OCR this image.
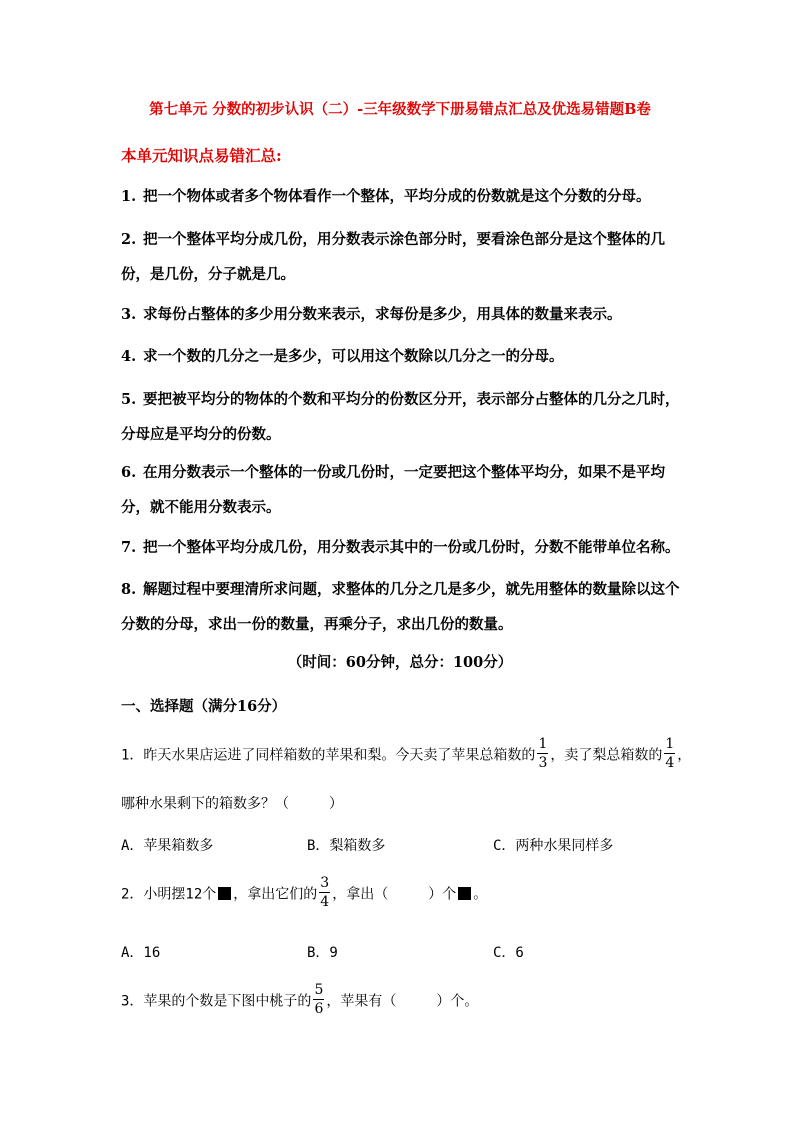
第七单元 分数的初步认识（二）-三年级数学下册易错点汇总及优选易错题B卷
本单元知识点易错汇总:
1. 把一个物体或者多个物体看作一个整体，平均分成的份数就是这个分数的分母。
2. 把一个整体平均分成几份，用分数表示涂色部分时，要看涂色部分是这个整体的几份，是几份，分子就是几。
3. 求每份占整体的多少用分数来表示，求每份是多少，用具体的数量来表示。
4. 求一个数的几分之一是多少，可以用这个数除以几分之一的分母。
5. 要把被平均分的物体的个数和平均分的份数区分开，表示部分占整体的几分之几时，分母应是平均分的份数。
6. 在用分数表示一个整体的一份或几份时，一定要把这个整体平均分，如果不是平均分，就不能用分数表示。
7. 把一个整体平均分成几份，用分数表示其中的一份或几份时，分数不能带单位名称。
8. 解题过程中要理清所求问题，求整体的几分之几是多少，就先用整体的数量除以这个分数的分母，求出一份的数量，再乘分子，求出几份的数量。
（时间：60分钟，总分：100分）
一、选择题（满分16分）
1．昨天水果店运进了同样箱数的苹果和梨。今天卖了苹果总箱数的 $\frac{1}{3}$ ，卖了梨总箱数的 $\frac{1}{4}$ ，
哪种水果剩下的箱数多？（	）
A．苹果箱数多	B．梨箱数多	C．两种水果同样多
2．小明摆12个 ，拿出它们的 $\frac{3}{4}$ ，拿出（	）个 。
A．16	B．9	C．6
3．苹果的个数是下图中桃子的 $\frac{5}{6}$ ，苹果有（	）个。
